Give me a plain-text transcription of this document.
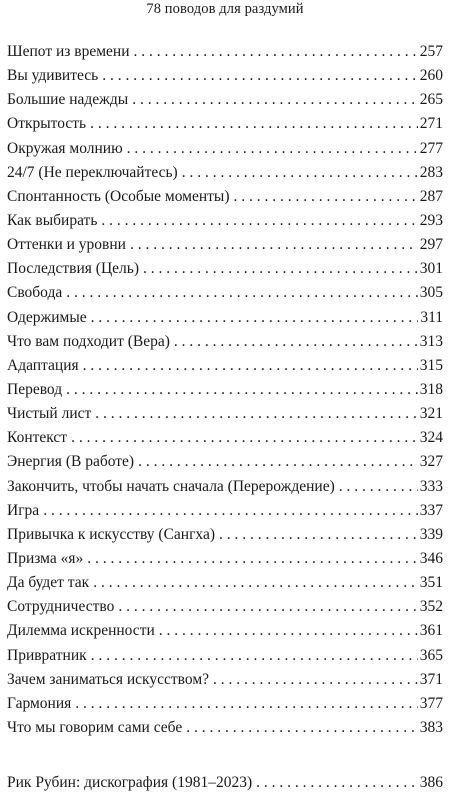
78 поводов для раздумий
Шепот из времени . . .	257
Вы удивитесь . . .	260
Большие надежды . . .	265
Открытость . . .	271
Окружая молнию . . .	277
24/7 (Не переключайтесь) . . .	283
Спонтанность (Особые моменты) . . .	287
Как выбирать . . .	293
Оттенки и уровни . . .	297
Последствия (Цель) . . .	301
Свобода . . .	305
Одержимые . . .	311
Что вам подходит (Вера) . . .	313
Адаптация . . .	315
Перевод . . .	318
Чистый лист . . .	321
Контекст . . .	324
Энергия (В работе) . . .	327
Закончить, чтобы начать сначала (Перерождение) . . .	333
Игра . . .	337
Привычка к искусству (Сангха) . . .	339
Призма «я» . . .	346
Да будет так . . .	351
Сотрудничество . . .	352
Дилемма искренности . . .	361
Привратник . . .	365
Зачем заниматься искусством? . . .	371
Гармония . . .	377
Что мы говорим сами себе . . .	383
Рик Рубин: дискография (1981–2023) . . .	386
